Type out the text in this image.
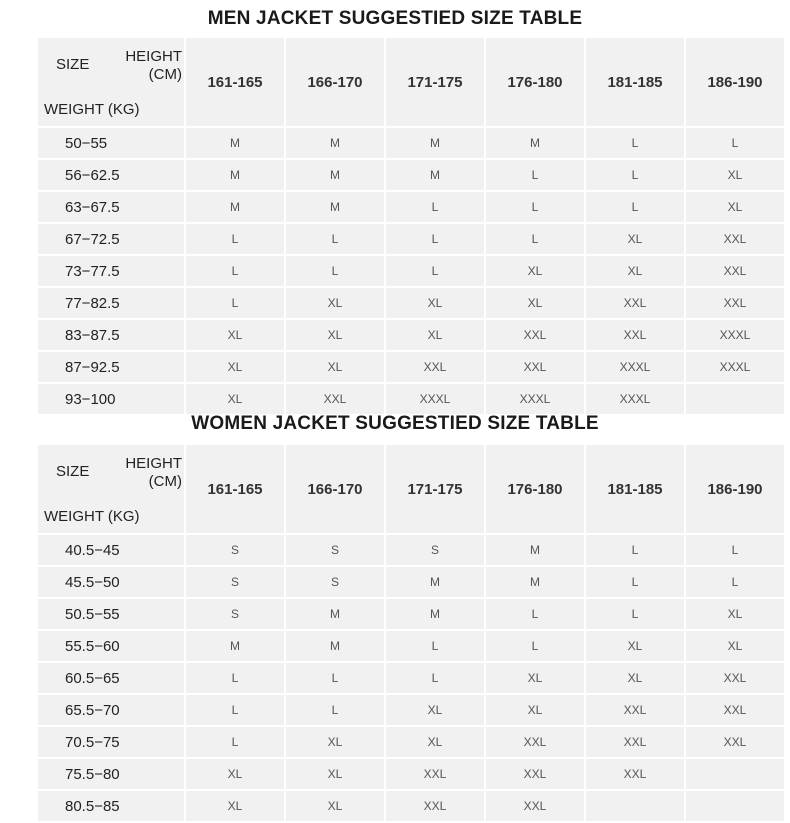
MEN JACKET SUGGESTIED SIZE TABLE
SIZE HEIGHT
(CM)
WEIGHT (KG)	161-165	166-170	171-175	176-180	181-185	186-190
50−55	M	M	M	M	L	L
56−62.5	M	M	M	L	L	XL
63−67.5	M	M	L	L	L	XL
67−72.5	L	L	L	L	XL	XXL
73−77.5	L	L	L	XL	XL	XXL
77−82.5	L	XL	XL	XL	XXL	XXL
83−87.5	XL	XL	XL	XXL	XXL	XXXL
87−92.5	XL	XL	XXL	XXL	XXXL	XXXL
93−100	XL	XXL	XXXL	XXXL	XXXL	
WOMEN JACKET SUGGESTIED SIZE TABLE
SIZE HEIGHT
(CM)
WEIGHT (KG)	161-165	166-170	171-175	176-180	181-185	186-190
40.5−45	S	S	S	M	L	L
45.5−50	S	S	M	M	L	L
50.5−55	S	M	M	L	L	XL
55.5−60	M	M	L	L	XL	XL
60.5−65	L	L	L	XL	XL	XXL
65.5−70	L	L	XL	XL	XXL	XXL
70.5−75	L	XL	XL	XXL	XXL	XXL
75.5−80	XL	XL	XXL	XXL	XXL	
80.5−85	XL	XL	XXL	XXL		
